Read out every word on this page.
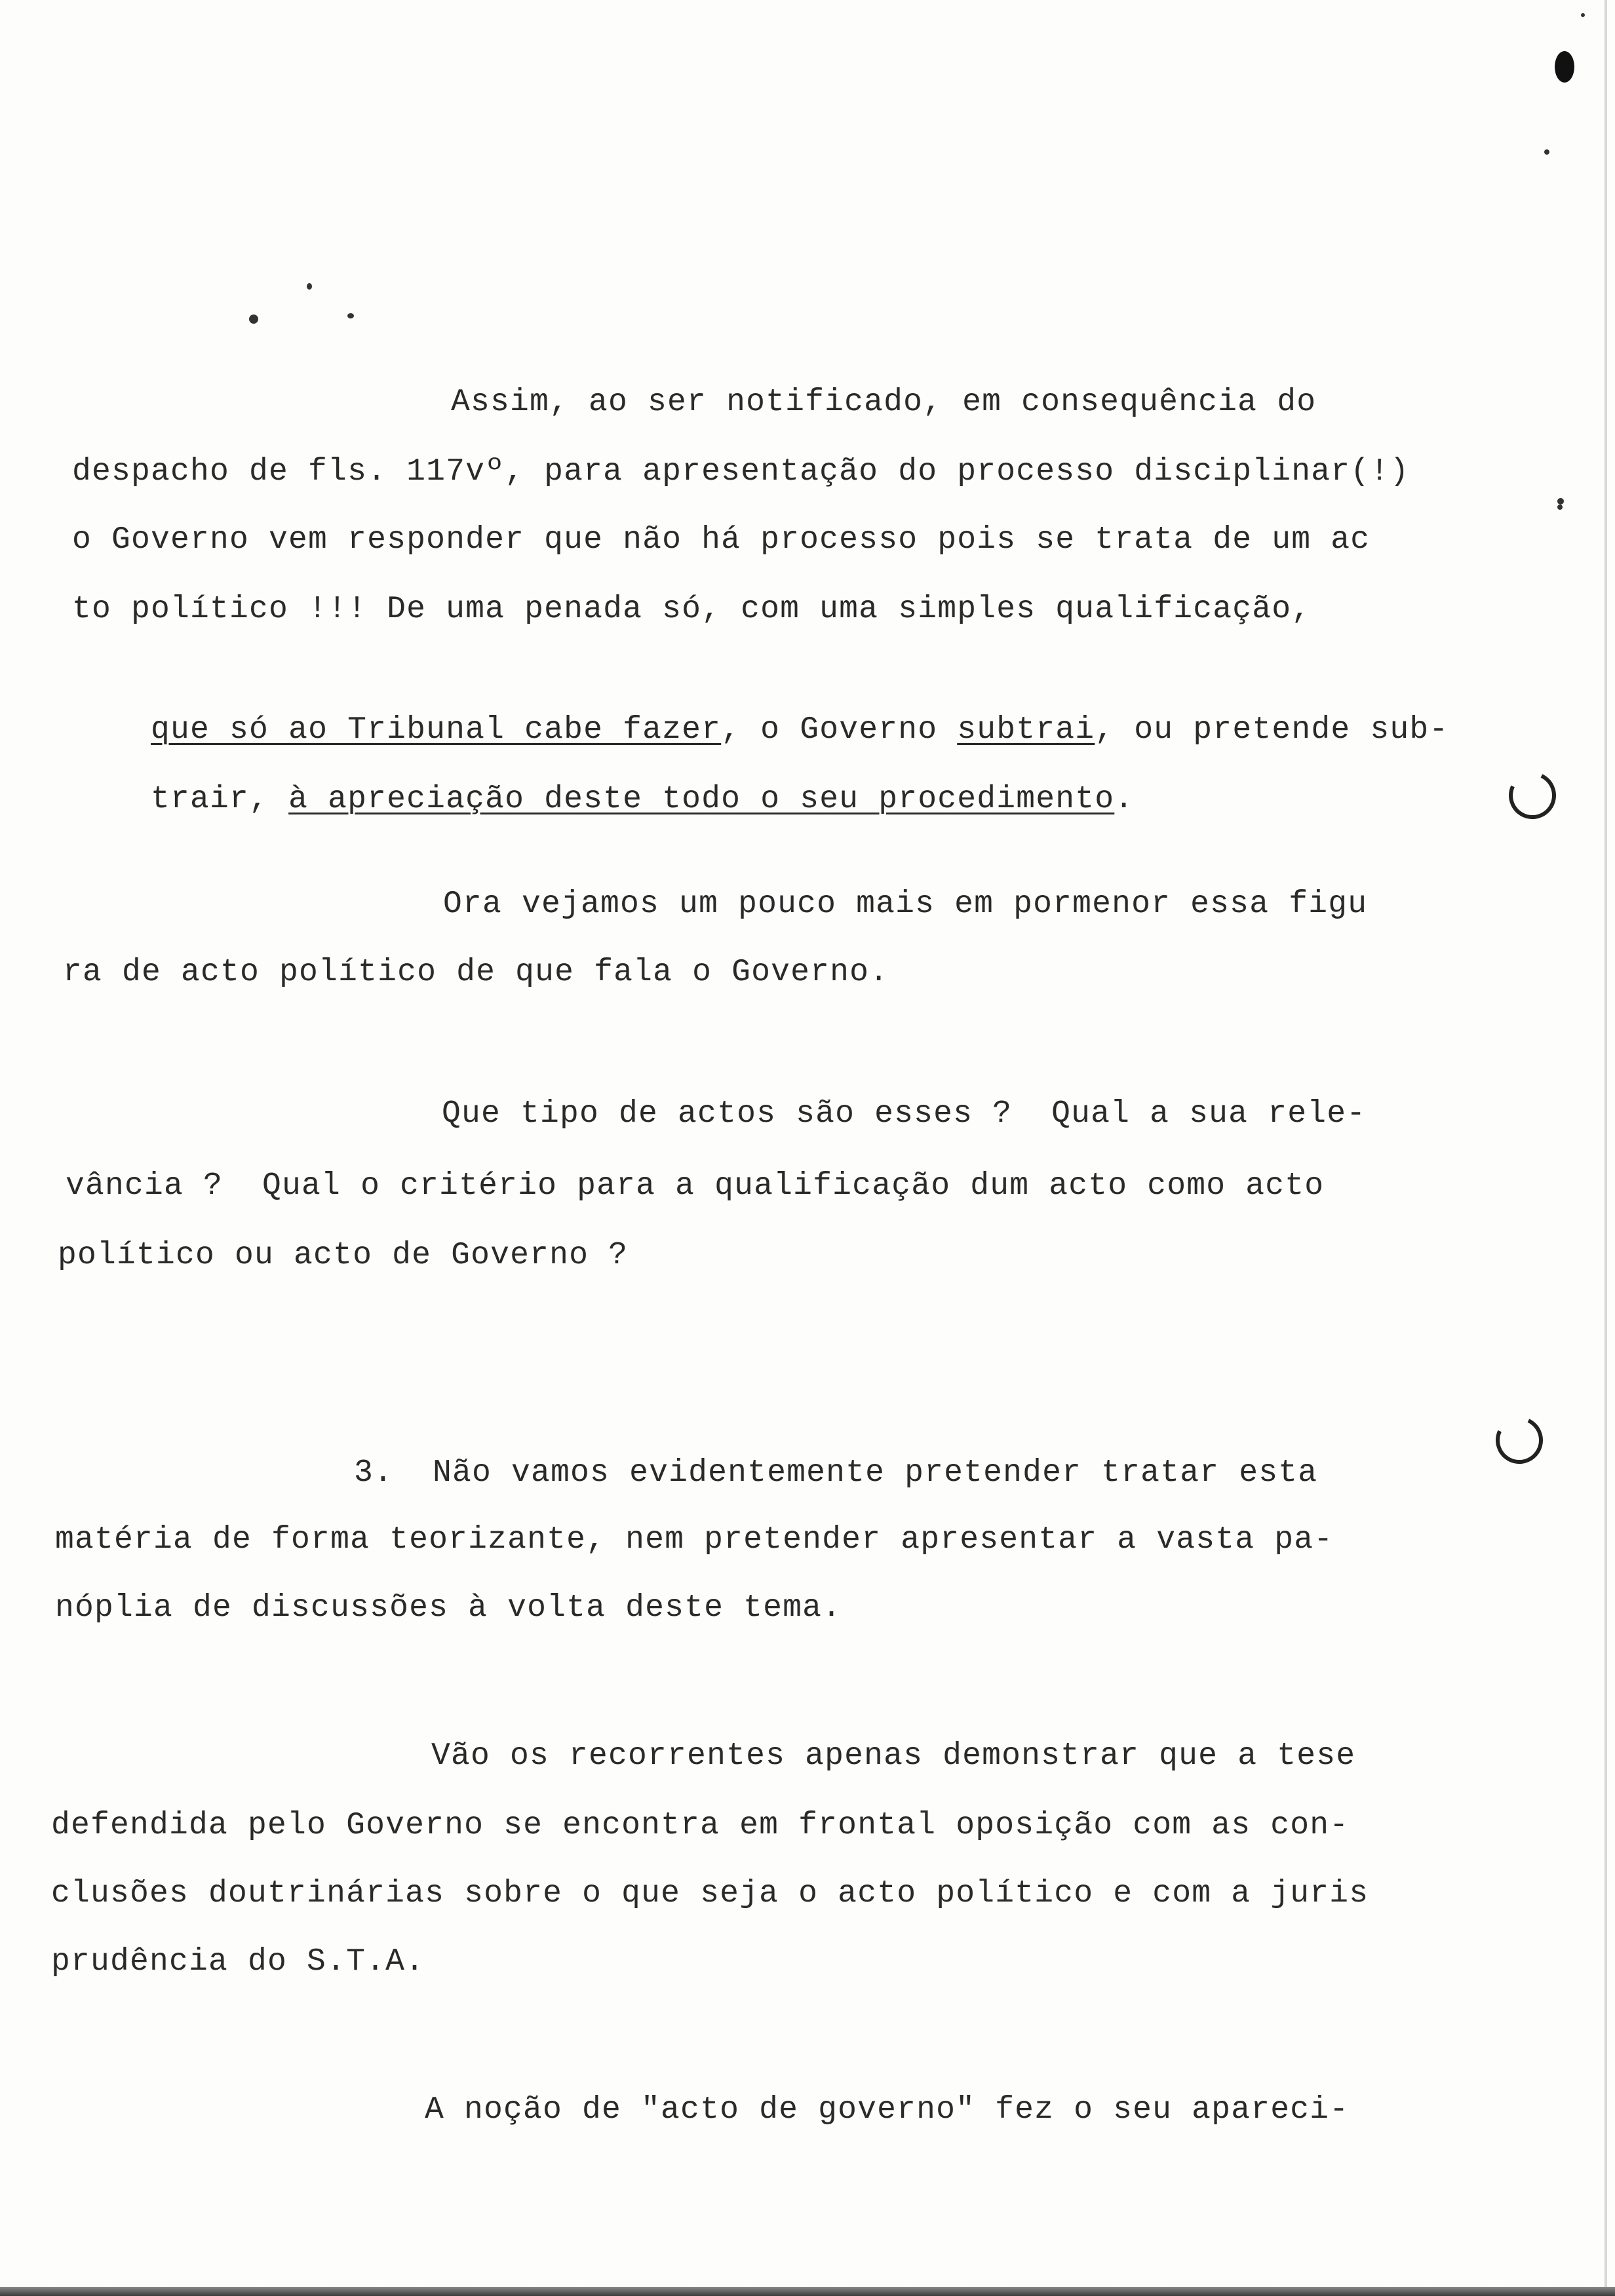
Assim, ao ser notificado, em consequência do
despacho de fls. 117vº, para apresentação do processo disciplinar(!)
o Governo vem responder que não há processo pois se trata de um ac
to político !!! De uma penada só, com uma simples qualificação,

que só ao Tribunal cabe fazer, o Governo subtrai, ou pretende sub-

trair, à apreciação deste todo o seu procedimento.

Ora vejamos um pouco mais em pormenor essa figu
ra de acto político de que fala o Governo.
Que tipo de actos são esses ?  Qual a sua rele-
vância ?  Qual o critério para a qualificação dum acto como acto
político ou acto de Governo ?
3.  Não vamos evidentemente pretender tratar esta
matéria de forma teorizante, nem pretender apresentar a vasta pa-
nóplia de discussões à volta deste tema.
Vão os recorrentes apenas demonstrar que a tese
defendida pelo Governo se encontra em frontal oposição com as con-
clusões doutrinárias sobre o que seja o acto político e com a juris
prudência do S.T.A.
A noção de "acto de governo" fez o seu apareci-
